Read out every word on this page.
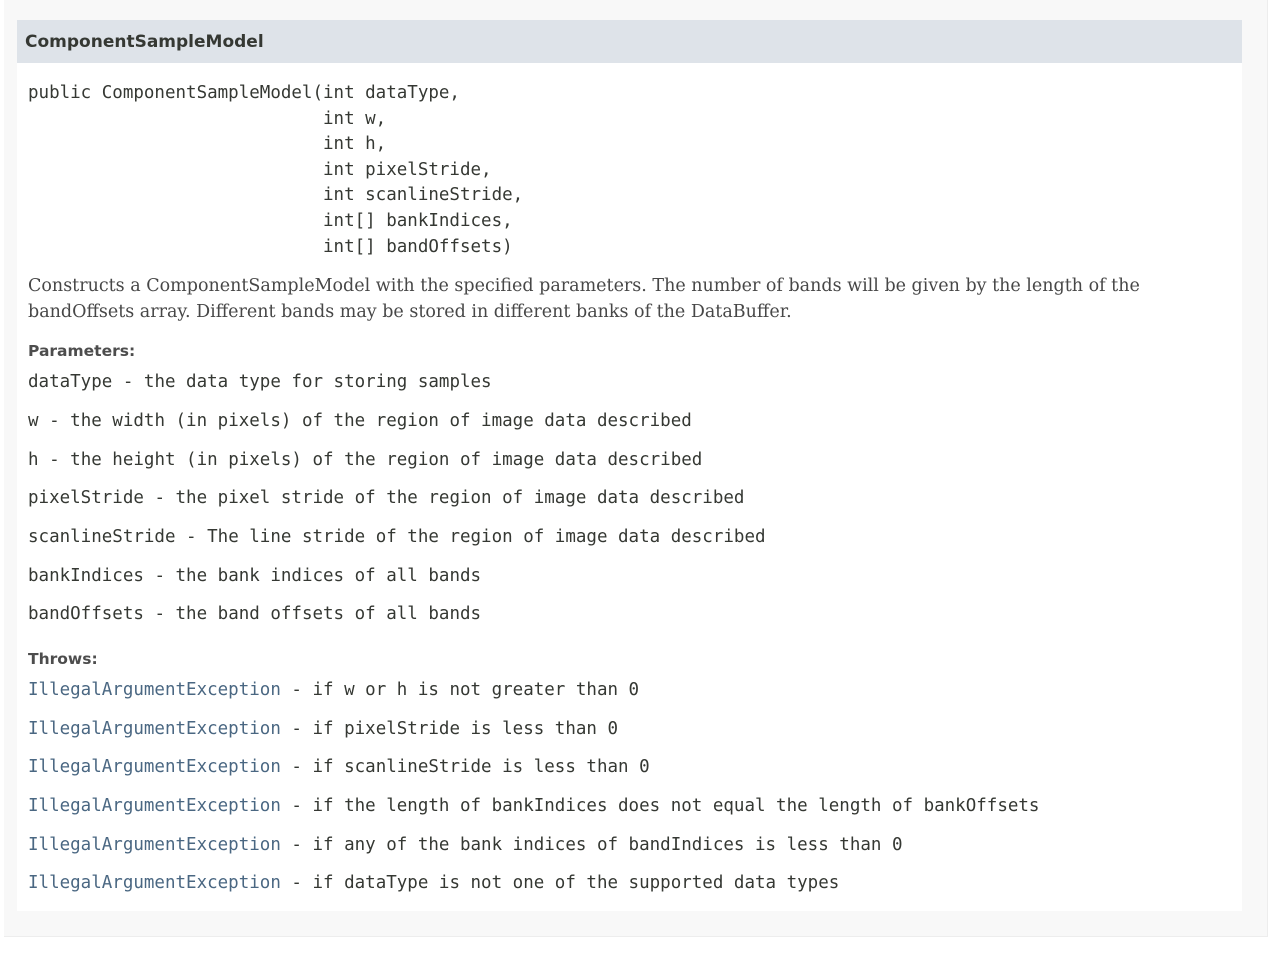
ComponentSampleModel
public ComponentSampleModel(int dataType,
int w,
int h,
int pixelStride,
int scanlineStride,
int[] bankIndices,
int[] bandOffsets)
Constructs a ComponentSampleModel with the specified parameters. The number of bands will be given by the length of the bandOffsets array. Different bands may be stored in different banks of the DataBuffer.
Parameters:
dataType - the data type for storing samples
w - the width (in pixels) of the region of image data described
h - the height (in pixels) of the region of image data described
pixelStride - the pixel stride of the region of image data described
scanlineStride - The line stride of the region of image data described
bankIndices - the bank indices of all bands
bandOffsets - the band offsets of all bands
Throws:
IllegalArgumentException - if w or h is not greater than 0
IllegalArgumentException - if pixelStride is less than 0
IllegalArgumentException - if scanlineStride is less than 0
IllegalArgumentException - if the length of bankIndices does not equal the length of bankOffsets
IllegalArgumentException - if any of the bank indices of bandIndices is less than 0
IllegalArgumentException - if dataType is not one of the supported data types
